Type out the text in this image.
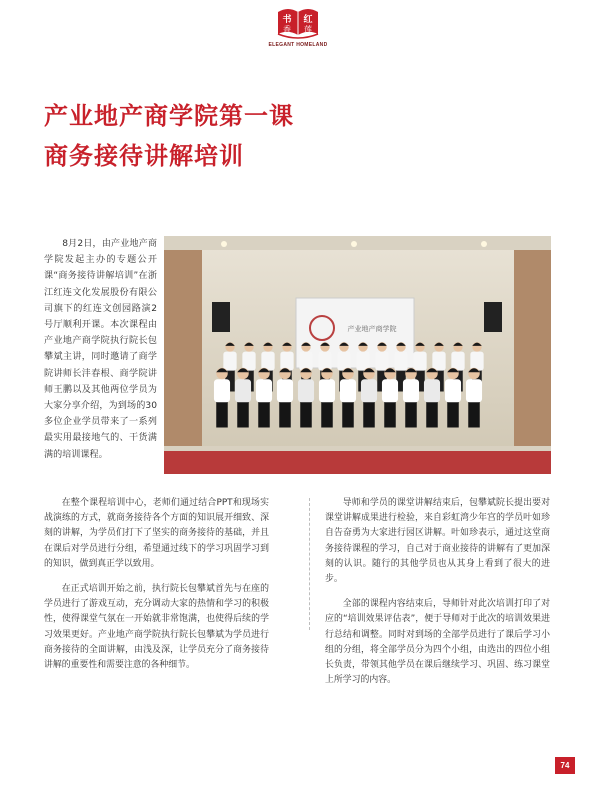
书 红
香 莲
ELEGANT HOMELAND
产业地产商学院第一课
商务接待讲解培训

8月2日，由产业地产商学院发起主办的专题公开课“商务接待讲解培训”在浙江红连文化发展股份有限公司旗下的红连文创园路演2号厅顺利开课。本次课程由产业地产商学院执行院长包攀斌主讲，同时邀请了商学院讲师长沣春根、商学院讲师王鹏以及其他两位学员为大家分享介绍，为到场的30多位企业学员带来了一系列最实用最接地气的、干货满满的培训课程。

产业地产商学院

在整个课程培训中心，老师们通过结合PPT和现场实战演练的方式，就商务接待各个方面的知识展开细致、深刻的讲解，为学员们打下了坚实的商务接待的基础，并且在课后对学员进行分组，希望通过线下的学习巩固学习到的知识，做到真正学以致用。

在正式培训开始之前，执行院长包攀斌首先与在座的学员进行了游戏互动，充分调动大家的热情和学习的积极性，使得课堂气氛在一开始就非常饱满，也使得后续的学习效果更好。产业地产商学院执行院长包攀斌为学员进行商务接待的全面讲解，由浅及深，让学员充分了商务接待讲解的重要性和需要注意的各种细节。

导师和学员的课堂讲解结束后，包攀斌院长提出要对课堂讲解成果进行检验，来自彩虹湾少年宫的学员叶如珍自告奋勇为大家进行园区讲解。叶如珍表示，通过这堂商务接待课程的学习，自己对于商业接待的讲解有了更加深刻的认识。随行的其他学员也从其身上看到了很大的进步。

全部的课程内容结束后，导师针对此次培训打印了对应的“培训效果评估表”，便于导师对于此次的培训效果进行总结和调整。同时对到场的全部学员进行了课后学习小组的分组，将全部学员分为四个小组，由选出的四位小组长负责，带领其他学员在课后继续学习、巩固、练习课堂上所学习的内容。

74
